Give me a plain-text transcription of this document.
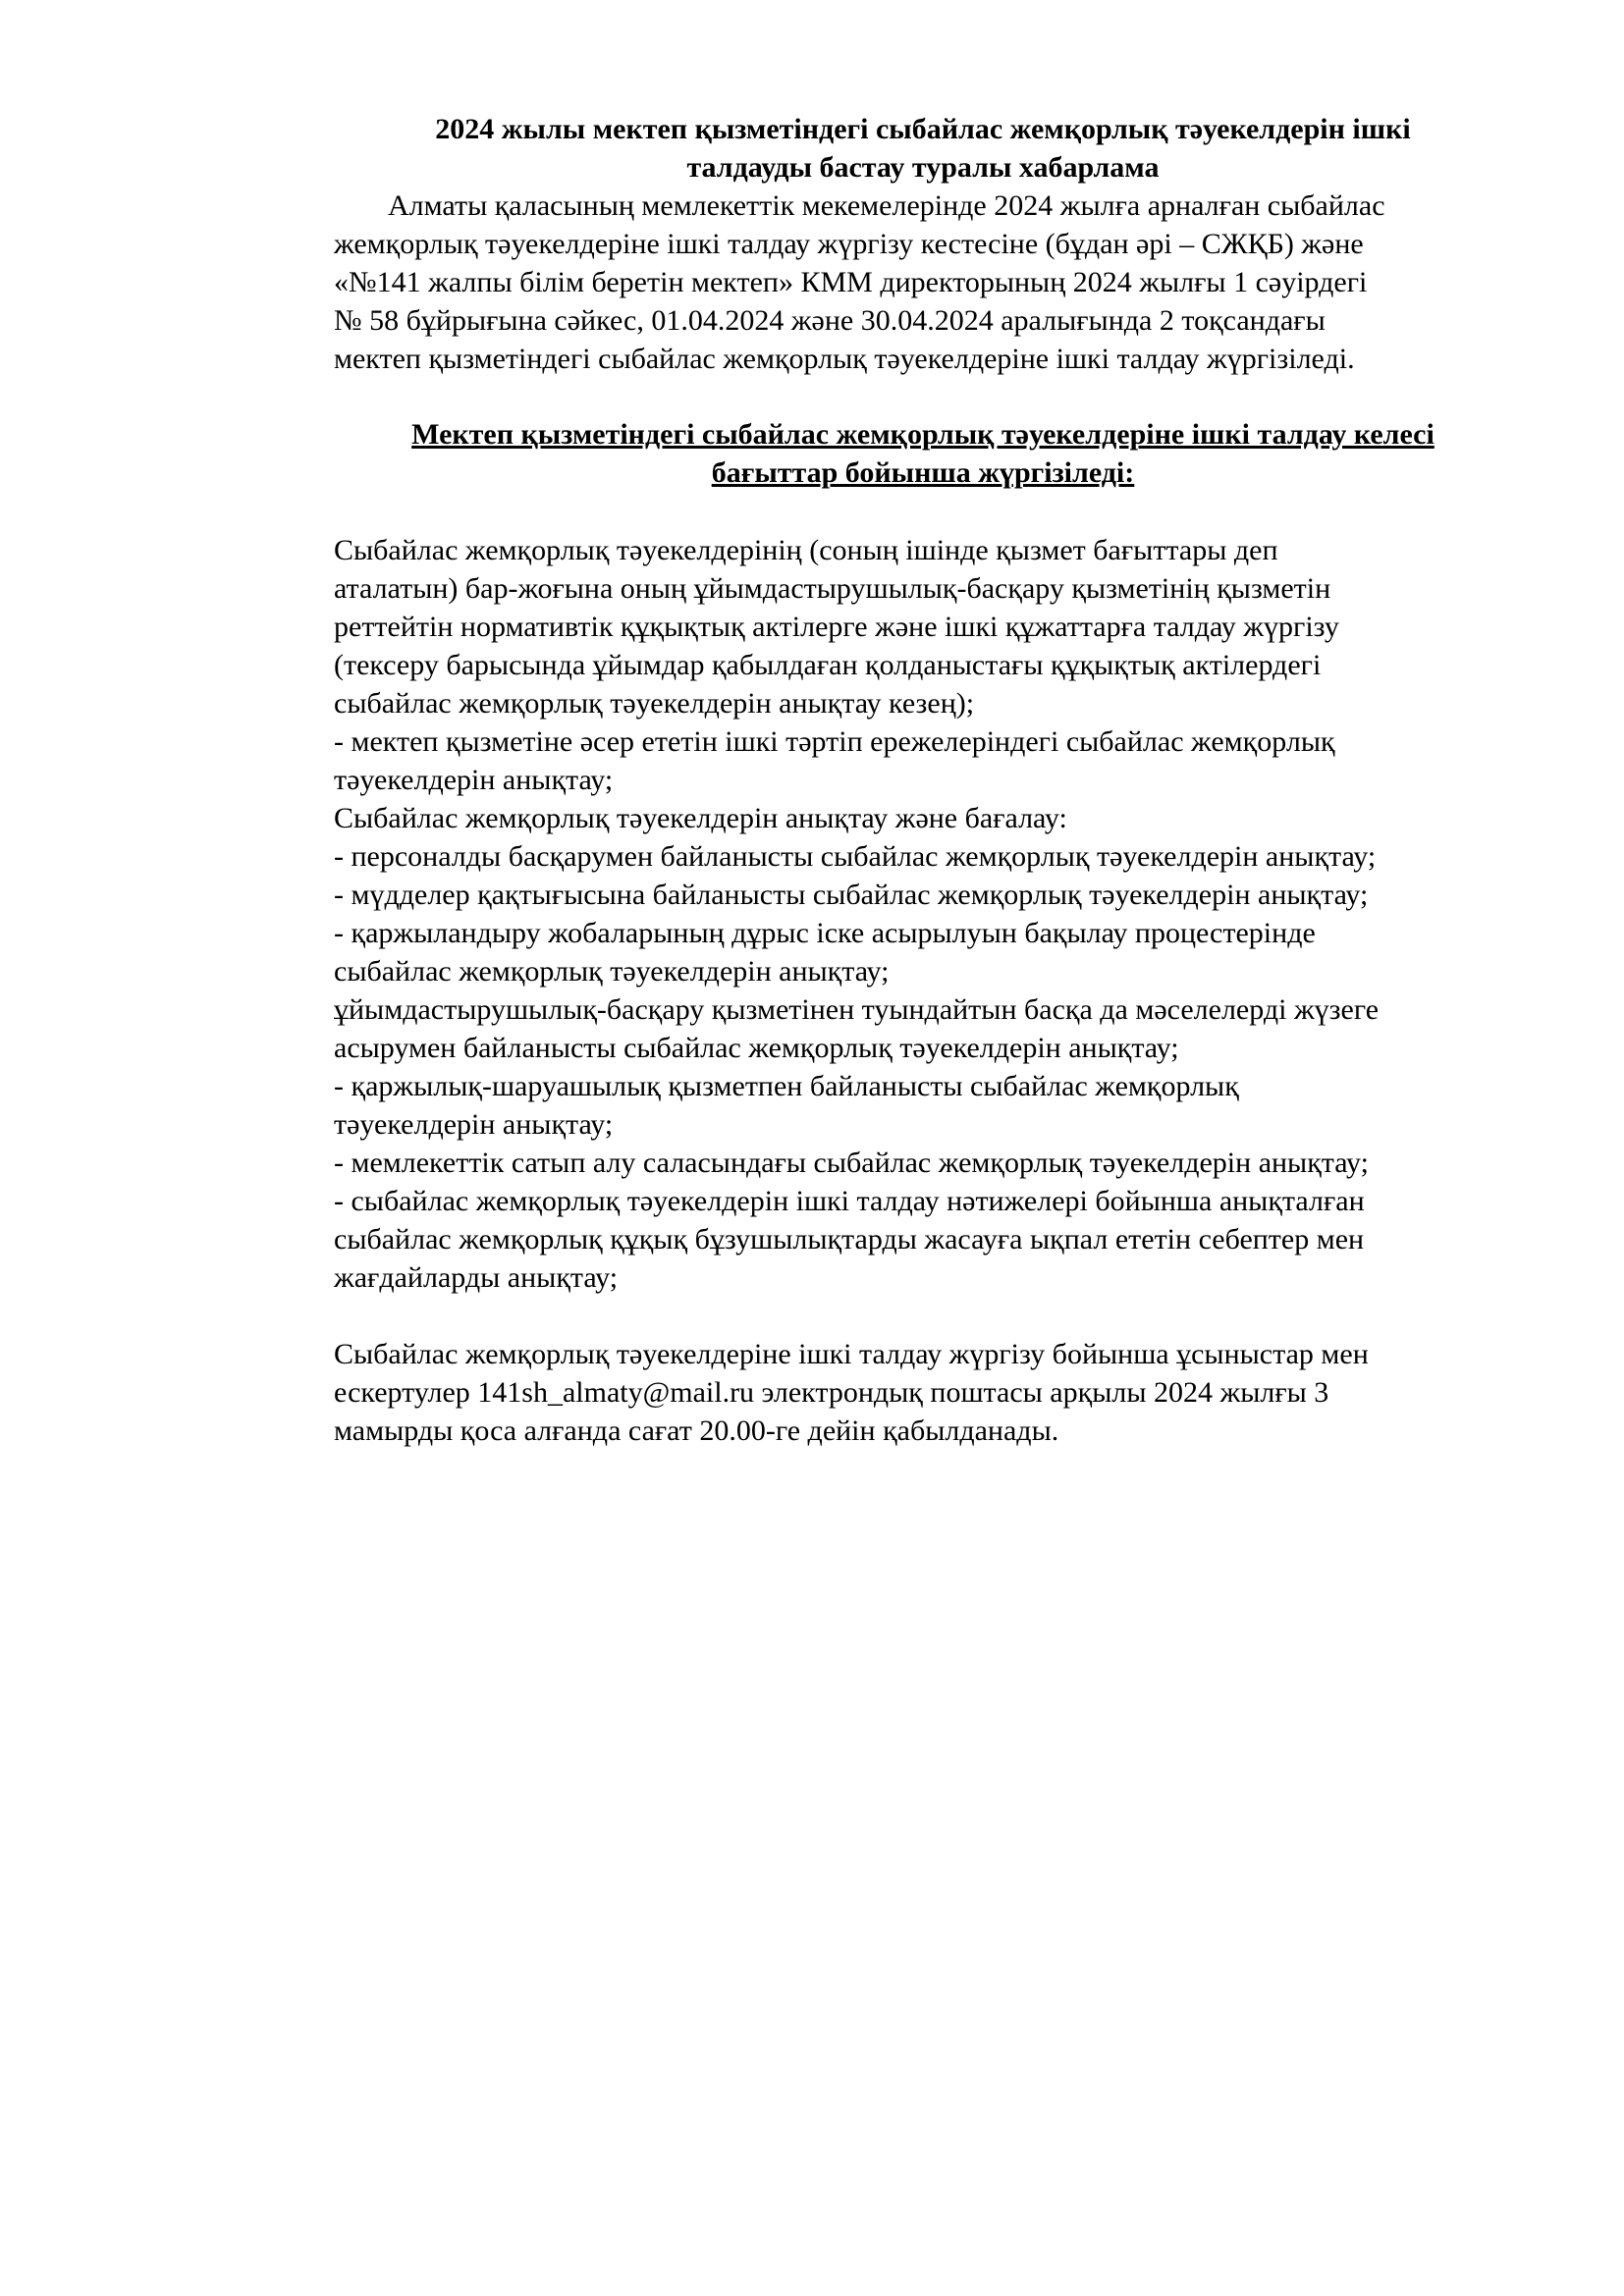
2024 жылы мектеп қызметіндегі сыбайлас жемқорлық тәуекелдерін ішкі
талдауды бастау туралы хабарлама
Алматы қаласының мемлекеттік мекемелерінде 2024 жылға арналған сыбайлас
жемқорлық тәуекелдеріне ішкі талдау жүргізу кестесіне (бұдан әрі – СЖҚБ) және
«№141 жалпы білім беретін мектеп» КММ директорының 2024 жылғы 1 сәуірдегі
№ 58 бұйрығына сәйкес, 01.04.2024 және 30.04.2024 аралығында 2 тоқсандағы
мектеп қызметіндегі сыбайлас жемқорлық тәуекелдеріне ішкі талдау жүргізіледі.
Мектеп қызметіндегі сыбайлас жемқорлық тәуекелдеріне ішкі талдау келесі
бағыттар бойынша жүргізіледі:
Сыбайлас жемқорлық тәуекелдерінің (соның ішінде қызмет бағыттары деп
аталатын) бар-жоғына оның ұйымдастырушылық-басқару қызметінің қызметін
реттейтін нормативтік құқықтық актілерге және ішкі құжаттарға талдау жүргізу
(тексеру барысында ұйымдар қабылдаған қолданыстағы құқықтық актілердегі
сыбайлас жемқорлық тәуекелдерін анықтау кезең);
- мектеп қызметіне әсер ететін ішкі тәртіп ережелеріндегі сыбайлас жемқорлық
тәуекелдерін анықтау;
Сыбайлас жемқорлық тәуекелдерін анықтау және бағалау:
- персоналды басқарумен байланысты сыбайлас жемқорлық тәуекелдерін анықтау;
- мүдделер қақтығысына байланысты сыбайлас жемқорлық тәуекелдерін анықтау;
- қаржыландыру жобаларының дұрыс іске асырылуын бақылау процестерінде
сыбайлас жемқорлық тәуекелдерін анықтау;
ұйымдастырушылық-басқару қызметінен туындайтын басқа да мәселелерді жүзеге
асырумен байланысты сыбайлас жемқорлық тәуекелдерін анықтау;
- қаржылық-шаруашылық қызметпен байланысты сыбайлас жемқорлық
тәуекелдерін анықтау;
- мемлекеттік сатып алу саласындағы сыбайлас жемқорлық тәуекелдерін анықтау;
- сыбайлас жемқорлық тәуекелдерін ішкі талдау нәтижелері бойынша анықталған
сыбайлас жемқорлық құқық бұзушылықтарды жасауға ықпал ететін себептер мен
жағдайларды анықтау;
Сыбайлас жемқорлық тәуекелдеріне ішкі талдау жүргізу бойынша ұсыныстар мен
ескертулер 141sh_almaty@mail.ru электрондық поштасы арқылы 2024 жылғы 3
мамырды қоса алғанда сағат 20.00-ге дейін қабылданады.
